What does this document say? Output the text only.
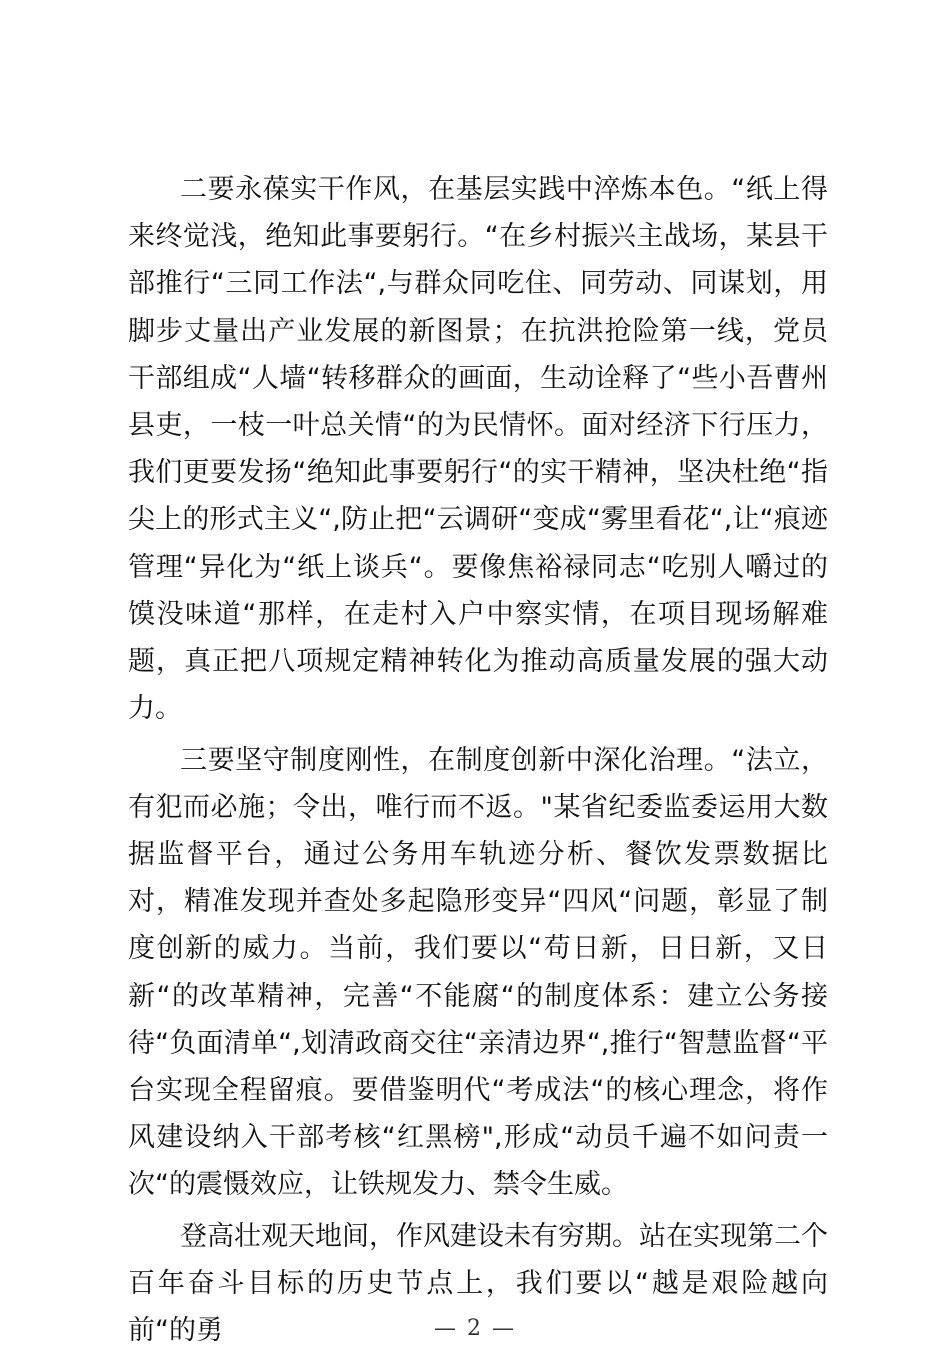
二要永葆实干作风，在基层实践中淬炼本色。“纸上得来终觉浅，绝知此事要躬行。“在乡村振兴主战场，某县干部推行“三同工作法“,与群众同吃住、同劳动、同谋划，用脚步丈量出产业发展的新图景；在抗洪抢险第一线，党员干部组成“人墙“转移群众的画面，生动诠释了“些小吾曹州县吏，一枝一叶总关情“的为民情怀。面对经济下行压力，我们更要发扬“绝知此事要躬行“的实干精神，坚决杜绝“指尖上的形式主义“,防止把“云调研“变成“雾里看花“,让“痕迹管理“异化为“纸上谈兵“。要像焦裕禄同志“吃别人嚼过的馍没味道“那样，在走村入户中察实情，在项目现场解难题，真正把八项规定精神转化为推动高质量发展的强大动力。

三要坚守制度刚性，在制度创新中深化治理。“法立，有犯而必施；令出，唯行而不返。"某省纪委监委运用大数据监督平台，通过公务用车轨迹分析、餐饮发票数据比对，精准发现并查处多起隐形变异“四风“问题，彰显了制度创新的威力。当前，我们要以“苟日新，日日新，又日新“的改革精神，完善“不能腐“的制度体系：建立公务接待“负面清单“,划清政商交往“亲清边界“,推行“智慧监督“平台实现全程留痕。要借鉴明代“考成法“的核心理念，将作风建设纳入干部考核“红黑榜",形成“动员千遍不如问责一次“的震慑效应，让铁规发力、禁令生威。

登高壮观天地间，作风建设未有穷期。站在实现第二个百年奋斗目标的历史节点上，我们要以“越是艰险越向前“的勇	— 2 —
